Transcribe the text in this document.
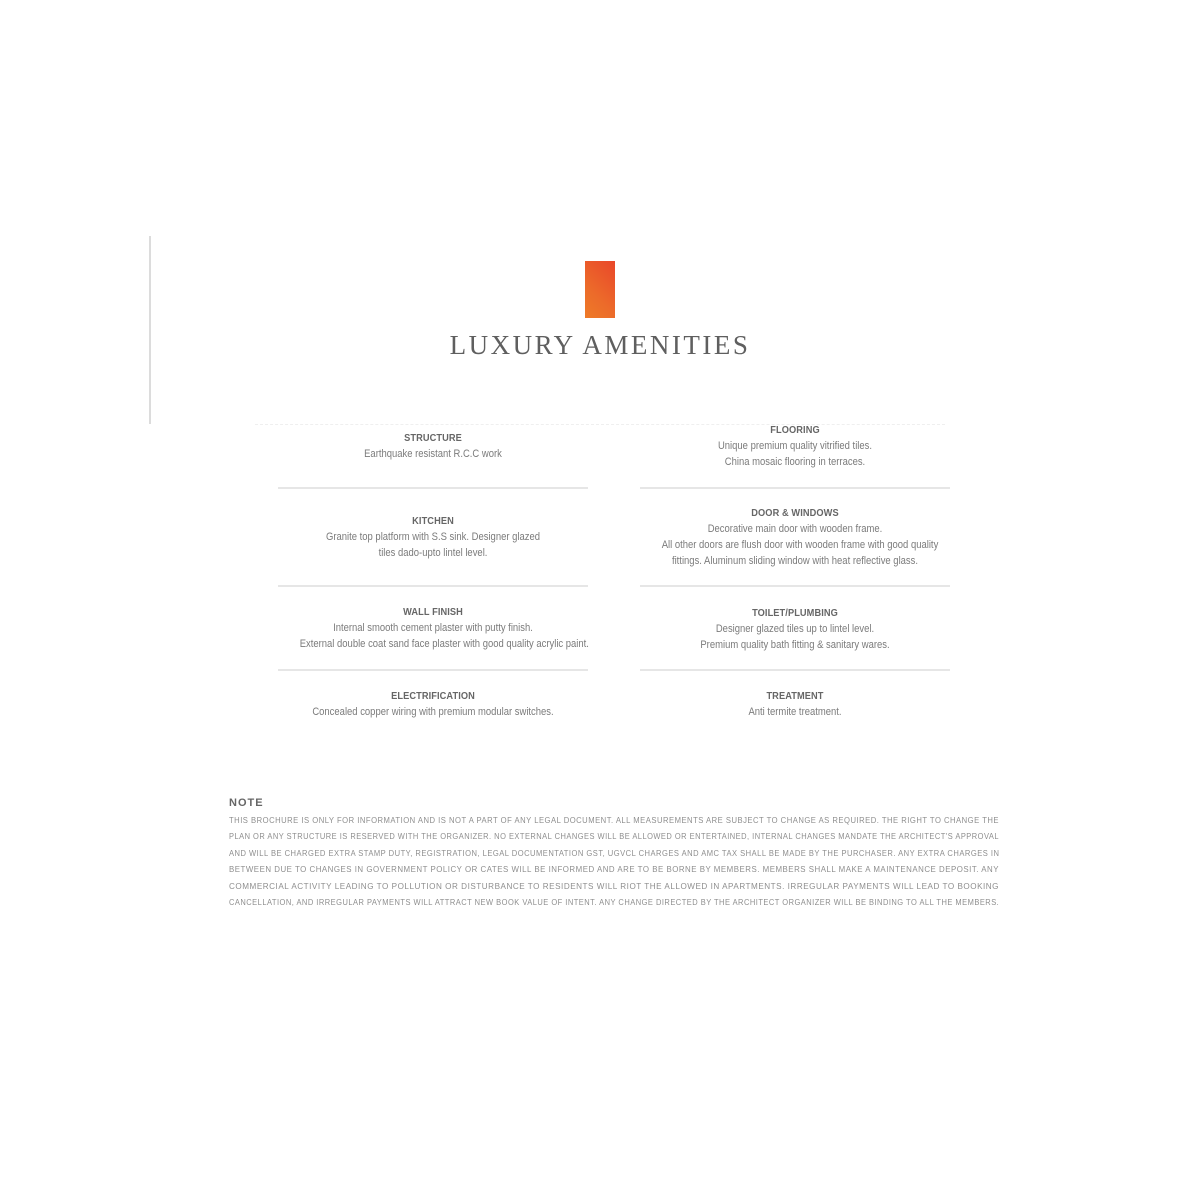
LUXURY AMENITIES
STRUCTURE
Earthquake resistant R.C.C work
KITCHEN
Granite top platform with S.S sink. Designer glazed
tiles dado-upto lintel level.
WALL FINISH
Internal smooth cement plaster with putty finish.
External double coat sand face plaster with good quality acrylic paint.
ELECTRIFICATION
Concealed copper wiring with premium modular switches.
FLOORING
Unique premium quality vitrified tiles.
China mosaic flooring in terraces.
DOOR & WINDOWS
Decorative main door with wooden frame.
All other doors are flush door with wooden frame with good quality
fittings. Aluminum sliding window with heat reflective glass.
TOILET/PLUMBING
Designer glazed tiles up to lintel level.
Premium quality bath fitting & sanitary wares.
TREATMENT
Anti termite treatment.
NOTE
THIS BROCHURE IS ONLY FOR INFORMATION AND IS NOT A PART OF ANY LEGAL DOCUMENT. ALL MEASUREMENTS ARE SUBJECT TO CHANGE AS REQUIRED. THE RIGHT TO CHANGE THE
PLAN OR ANY STRUCTURE IS RESERVED WITH THE ORGANIZER. NO EXTERNAL CHANGES WILL BE ALLOWED OR ENTERTAINED, INTERNAL CHANGES MANDATE THE ARCHITECT'S APPROVAL
AND WILL BE CHARGED EXTRA STAMP DUTY, REGISTRATION, LEGAL DOCUMENTATION GST, UGVCL CHARGES AND AMC TAX SHALL BE MADE BY THE PURCHASER. ANY EXTRA CHARGES IN
BETWEEN DUE TO CHANGES IN GOVERNMENT POLICY OR CATES WILL BE INFORMED AND ARE TO BE BORNE BY MEMBERS. MEMBERS SHALL MAKE A MAINTENANCE DEPOSIT. ANY
COMMERCIAL ACTIVITY LEADING TO POLLUTION OR DISTURBANCE TO RESIDENTS WILL RIOT THE ALLOWED IN APARTMENTS. IRREGULAR PAYMENTS WILL LEAD TO BOOKING
CANCELLATION, AND IRREGULAR PAYMENTS WILL ATTRACT NEW BOOK VALUE OF INTENT. ANY CHANGE DIRECTED BY THE ARCHITECT ORGANIZER WILL BE BINDING TO ALL THE MEMBERS.
